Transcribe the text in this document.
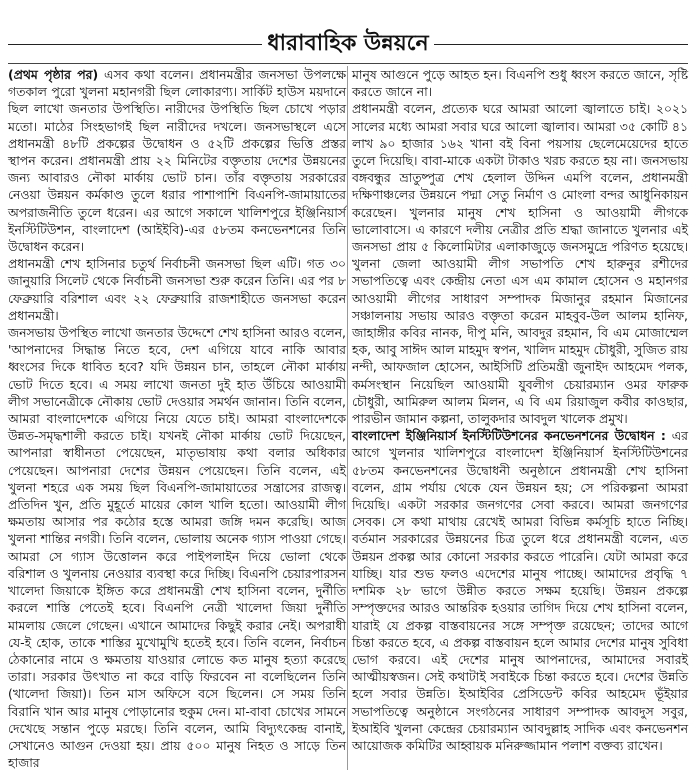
ধারাবাহিক উন্নয়নে

(প্রথম পৃষ্ঠার পর) এসব কথা বলেন। প্রধানমন্ত্রীর জনসভা উপলক্ষে গতকাল পুরো খুলনা মহানগরী ছিল লোকারণ্য। সার্কিট হাউস ময়দানে ছিল লাখো জনতার উপস্থিতি। নারীদের উপস্থিতি ছিল চোখে পড়ার মতো। মাঠের সিংহভাগই ছিল নারীদের দখলে। জনসভাস্থলে এসে প্রধানমন্ত্রী ৪৮টি প্রকল্পের উদ্বোধন ও ৫২টি প্রকল্পের ভিত্তি প্রস্তর স্থাপন করেন। প্রধানমন্ত্রী প্রায় ২২ মিনিটের বক্তৃতায় দেশের উন্নয়নের জন্য আবারও নৌকা মার্কায় ভোট চান। তাঁর বক্তৃতায় সরকারের নেওয়া উন্নয়ন কর্মকাণ্ড তুলে ধরার পাশাপাশি বিএনপি-জামায়াতের অপরাজনীতি তুলে ধরেন। এর আগে সকালে খালিশপুরে ইঞ্জিনিয়ার্স ইনস্টিটিউশন, বাংলাদেশ (আইইবি)-এর ৫৮তম কনভেনশনের তিনি উদ্বোধন করেন।

প্রধানমন্ত্রী শেখ হাসিনার চতুর্থ নির্বাচনী জনসভা ছিল এটি। গত ৩০ জানুয়ারি সিলেট থেকে নির্বাচনী জনসভা শুরু করেন তিনি। এর পর ৮ ফেব্রুয়ারি বরিশাল এবং ২২ ফেব্রুয়ারি রাজশাহীতে জনসভা করেন প্রধানমন্ত্রী।

জনসভায় উপস্থিত লাখো জনতার উদ্দেশে শেখ হাসিনা আরও বলেন, 'আপনাদের সিদ্ধান্ত নিতে হবে, দেশ এগিয়ে যাবে নাকি আবার ধ্বংসের দিকে ধাবিত হবে? যদি উন্নয়ন চান, তাহলে নৌকা মার্কায় ভোট দিতে হবে। এ সময় লাখো জনতা দুই হাত উঁচিয়ে আওয়ামী লীগ সভানেত্রীকে নৌকায় ভোট দেওয়ার সমর্থন জানান। তিনি বলেন, আমরা বাংলাদেশকে এগিয়ে নিয়ে যেতে চাই। আমরা বাংলাদেশকে উন্নত-সমৃদ্ধশালী করতে চাই। যখনই নৌকা মার্কায় ভোট দিয়েছেন, আপনারা স্বাধীনতা পেয়েছেন, মাতৃভাষায় কথা বলার অধিকার পেয়েছেন। আপনারা দেশের উন্নয়ন পেয়েছেন। তিনি বলেন, এই খুলনা শহরে এক সময় ছিল বিএনপি-জামায়াতের সন্ত্রাসের রাজত্ব। প্রতিদিন খুন, প্রতি মুহূর্তে মায়ের কোল খালি হতো। আওয়ামী লীগ ক্ষমতায় আসার পর কঠোর হস্তে আমরা জঙ্গি দমন করেছি। আজ খুলনা শান্তির নগরী। তিনি বলেন, ভোলায় অনেক গ্যাস পাওয়া গেছে। আমরা সে গ্যাস উত্তোলন করে পাইপলাইন দিয়ে ভোলা থেকে বরিশাল ও খুলনায় নেওয়ার ব্যবস্থা করে দিচ্ছি। বিএনপি চেয়ারপারসন খালেদা জিয়াকে ইঙ্গিত করে প্রধানমন্ত্রী শেখ হাসিনা বলেন, দুর্নীতি করলে শাস্তি পেতেই হবে। বিএনপি নেত্রী খালেদা জিয়া দুর্নীতি মামলায় জেলে গেছেন। এখানে আমাদের কিছুই করার নেই। অপরাধী যে-ই হোক, তাকে শাস্তির মুখোমুখি হতেই হবে। তিনি বলেন, নির্বাচন ঠেকানোর নামে ও ক্ষমতায় যাওয়ার লোভে কত মানুষ হত্যা করেছে তারা। সরকার উৎখাত না করে বাড়ি ফিরবেন না বলেছিলেন তিনি (খালেদা জিয়া)। তিন মাস অফিসে বসে ছিলেন। সে সময় তিনি বিরানি খান আর মানুষ পোড়ানোর হুকুম দেন। মা-বাবা চোখের সামনে দেখেছে সন্তান পুড়ে মরছে। তিনি বলেন, আমি বিদ্যুৎকেন্দ্র বানাই, সেখানেও আগুন দেওয়া হয়। প্রায় ৫০০ মানুষ নিহত ও সাড়ে তিন হাজার

মানুষ আগুনে পুড়ে আহত হন। বিএনপি শুধু ধ্বংস করতে জানে, সৃষ্টি করতে জানে না।

প্রধানমন্ত্রী বলেন, প্রত্যেক ঘরে আমরা আলো জ্বালাতে চাই। ২০২১ সালের মধ্যে আমরা সবার ঘরে আলো জ্বালাব। আমরা ৩৫ কোটি ৪১ লাখ ৯০ হাজার ১৬২ খানা বই বিনা পয়সায় ছেলেমেয়েদের হাতে তুলে দিয়েছি। বাবা-মাকে একটা টাকাও খরচ করতে হয় না। জনসভায় বঙ্গবন্ধুর ভ্রাতুষ্পুত্র শেখ হেলাল উদ্দিন এমপি বলেন, প্রধানমন্ত্রী দক্ষিণাঞ্চলের উন্নয়নে পদ্মা সেতু নির্মাণ ও মোংলা বন্দর আধুনিকায়ন করেছেন। খুলনার মানুষ শেখ হাসিনা ও আওয়ামী লীগকে ভালোবাসে। এ কারণে দলীয় নেত্রীর প্রতি শ্রদ্ধা জানাতে খুলনার এই জনসভা প্রায় ৫ কিলোমিটার এলাকাজুড়ে জনসমুদ্রে পরিণত হয়েছে। খুলনা জেলা আওয়ামী লীগ সভাপতি শেখ হারুনুর রশীদের সভাপতিত্বে এবং কেন্দ্রীয় নেতা এস এম কামাল হোসেন ও মহানগর আওয়ামী লীগের সাধারণ সম্পাদক মিজানুর রহমান মিজানের সঞ্চালনায় সভায় আরও বক্তৃতা করেন মাহবুব-উল আলম হানিফ, জাহাঙ্গীর কবির নানক, দীপু মনি, আবদুর রহমান, বি এম মোজাম্মেল হক, আবু সাঈদ আল মাহমুদ স্বপন, খালিদ মাহমুদ চৌধুরী, সুজিত রায় নন্দী, আফজাল হোসেন, আইসিটি প্রতিমন্ত্রী জুনাইদ আহমেদ পলক, কর্মসংস্থান নিয়েছিল আওয়ামী যুবলীগ চেয়ারম্যান ওমর ফারুক চৌধুরী, আমিরুল আলম মিলন, এ বি এম রিয়াজুল কবীর কাওছার, পারভীন জামান কল্পনা, তালুকদার আবদুল খালেক প্রমুখ।

বাংলাদেশ ইঞ্জিনিয়ার্স ইনস্টিটিউশনের কনভেনশনের উদ্বোধন : এর আগে খুলনার খালিশপুরে বাংলাদেশ ইঞ্জিনিয়ার্স ইনস্টিটিউশনের ৫৮তম কনভেনশনের উদ্বোধনী অনুষ্ঠানে প্রধানমন্ত্রী শেখ হাসিনা বলেন, গ্রাম পর্যায় থেকে যেন উন্নয়ন হয়; সে পরিকল্পনা আমরা দিয়েছি। একটা সরকার জনগণের সেবা করবে। আমরা জনগণের সেবক। সে কথা মাথায় রেখেই আমরা বিভিন্ন কর্মসূচি হাতে নিচ্ছি। বর্তমান সরকারের উন্নয়নের চিত্র তুলে ধরে প্রধানমন্ত্রী বলেন, এত উন্নয়ন প্রকল্প আর কোনো সরকার করতে পারেনি। যেটা আমরা করে যাচ্ছি। যার শুভ ফলও এদেশের মানুষ পাচ্ছে। আমাদের প্রবৃদ্ধি ৭ দশমিক ২৮ ভাগে উন্নীত করতে সক্ষম হয়েছি। উন্নয়ন প্রকল্পে সম্পৃক্তদের আরও আন্তরিক হওয়ার তাগিদ দিয়ে শেখ হাসিনা বলেন, যারাই যে প্রকল্প বাস্তবায়নের সঙ্গে সম্পৃক্ত রয়েছেন; তাদের আগে চিন্তা করতে হবে, এ প্রকল্প বাস্তবায়ন হলে আমার দেশের মানুষ সুবিধা ভোগ করবে। এই দেশের মানুষ আপনাদের, আমাদের সবারই আত্মীয়স্বজন। সেই কথাটাই সবাইকে চিন্তা করতে হবে। দেশের উন্নতি হলে সবার উন্নতি। ইআইবির প্রেসিডেন্ট কবির আহমেদ ভূঁইয়ার সভাপতিত্বে অনুষ্ঠানে সংগঠনের সাধারণ সম্পাদক আবদুস সবুর, ইআইবি খুলনা কেন্দ্রের চেয়ারম্যান আবদুল্লাহ সাদিক এবং কনভেনশন আয়োজক কমিটির আহ্বায়ক মনিরুজ্জামান পলাশ বক্তব্য রাখেন।
